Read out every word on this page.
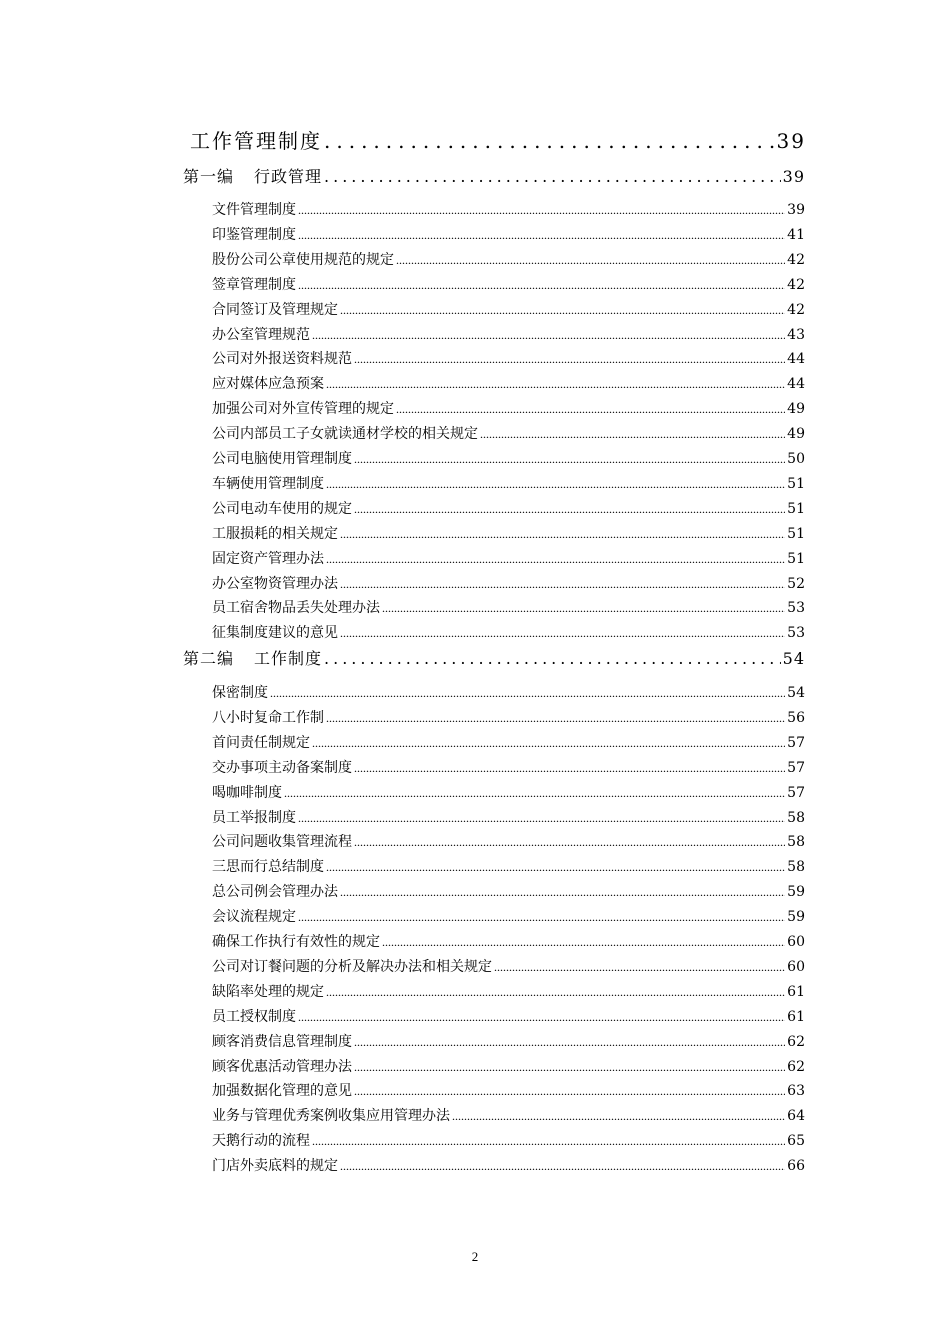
工作管理制度 .....	39
第一编 行政管理 .....	39
文件管理制度 .....	39
印鉴管理制度 .....	41
股份公司公章使用规范的规定 .....	42
签章管理制度 .....	42
合同签订及管理规定 .....	42
办公室管理规范 .....	43
公司对外报送资料规范 .....	44
应对媒体应急预案 .....	44
加强公司对外宣传管理的规定 .....	49
公司内部员工子女就读通材学校的相关规定 .....	49
公司电脑使用管理制度 .....	50
车辆使用管理制度 .....	51
公司电动车使用的规定 .....	51
工服损耗的相关规定 .....	51
固定资产管理办法 .....	51
办公室物资管理办法 .....	52
员工宿舍物品丢失处理办法 .....	53
征集制度建议的意见 .....	53
第二编 工作制度 .....	54
保密制度 .....	54
八小时复命工作制 .....	56
首问责任制规定 .....	57
交办事项主动备案制度 .....	57
喝咖啡制度 .....	57
员工举报制度 .....	58
公司问题收集管理流程 .....	58
三思而行总结制度 .....	58
总公司例会管理办法 .....	59
会议流程规定 .....	59
确保工作执行有效性的规定 .....	60
公司对订餐问题的分析及解决办法和相关规定 .....	60
缺陷率处理的规定 .....	61
员工授权制度 .....	61
顾客消费信息管理制度 .....	62
顾客优惠活动管理办法 .....	62
加强数据化管理的意见 .....	63
业务与管理优秀案例收集应用管理办法 .....	64
天鹅行动的流程 .....	65
门店外卖底料的规定 .....	66
2
